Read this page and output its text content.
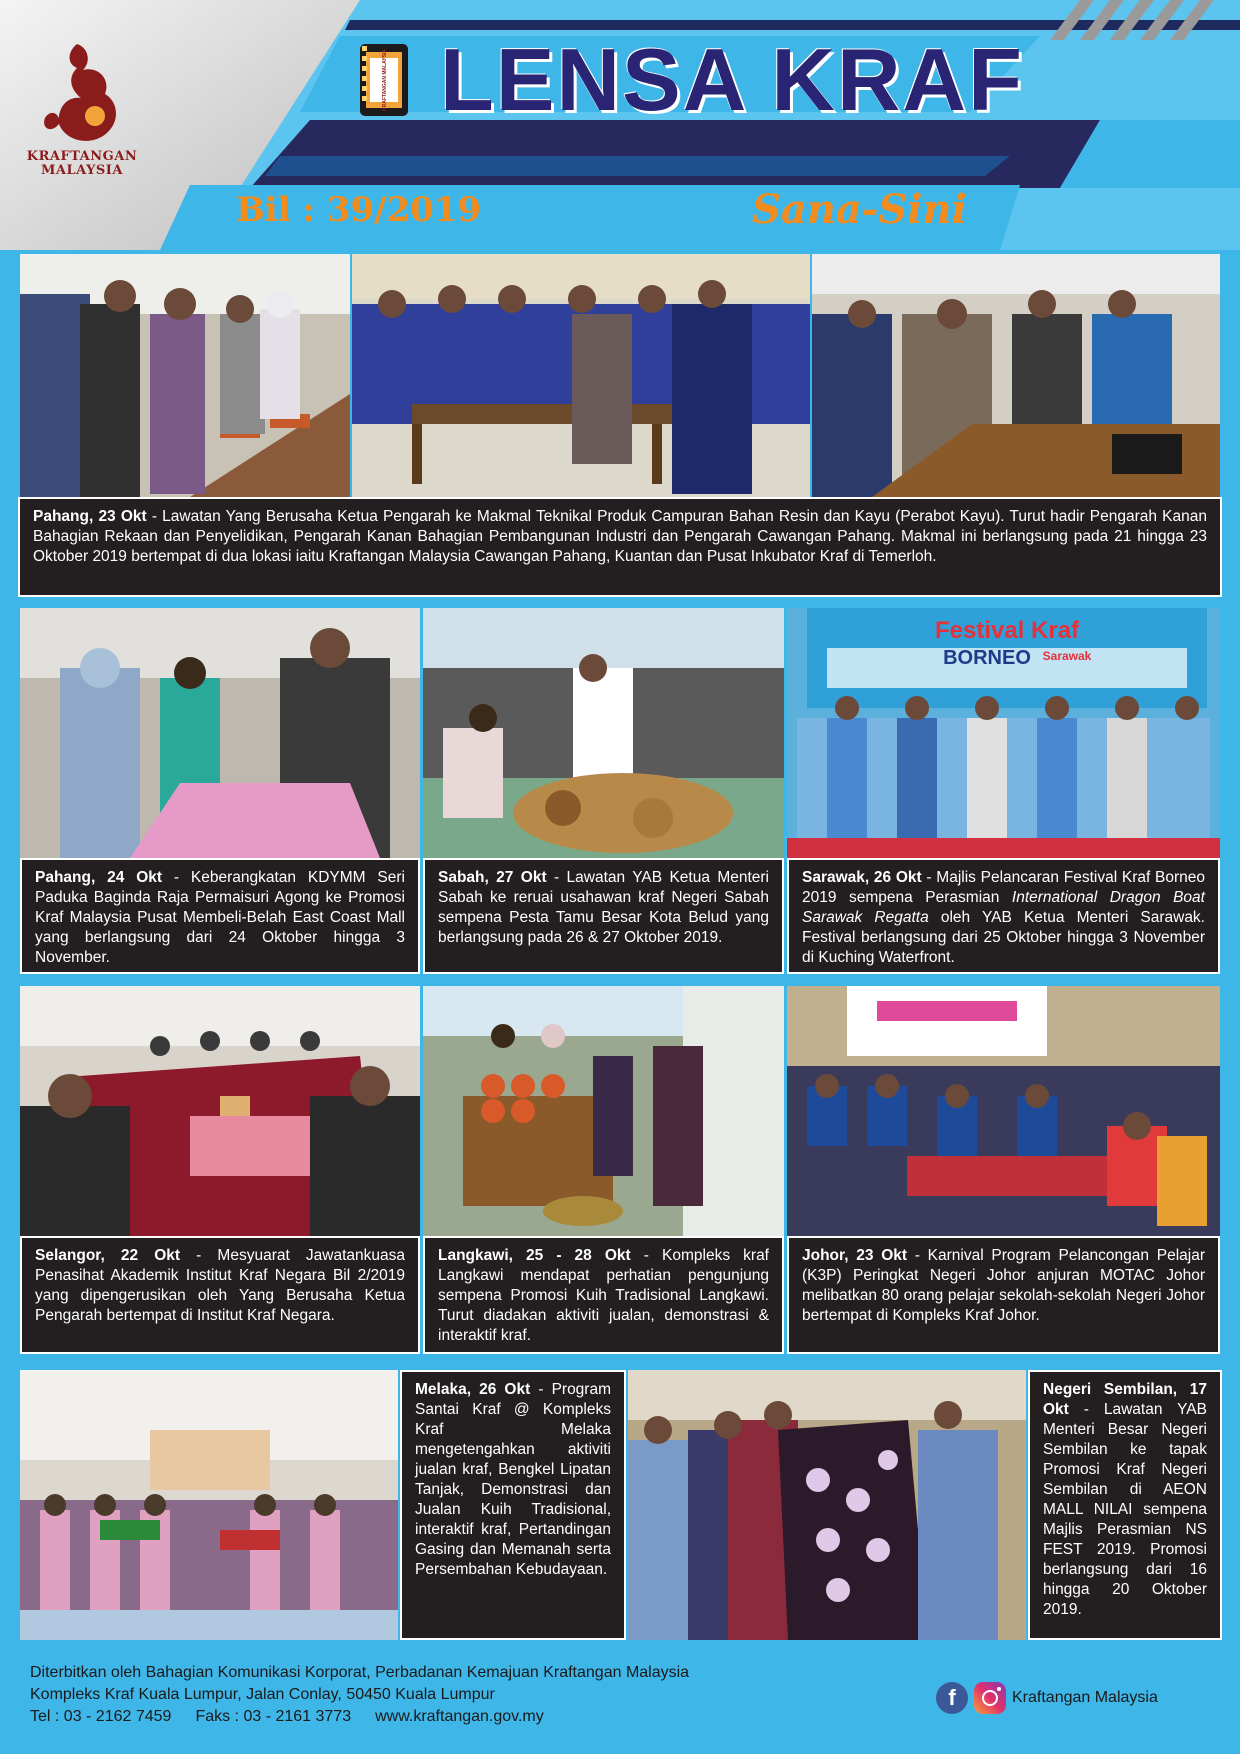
KRAFTANGAN
MALAYSIA
KRAFTANGAN MALAYSIA LENSA KRAF
Bil : 39/2019	Sana-Sini
Pahang, 23 Okt - Lawatan Yang Berusaha Ketua Pengarah ke Makmal Teknikal Produk Campuran Bahan Resin dan Kayu (Perabot Kayu). Turut hadir Pengarah Kanan Bahagian Rekaan dan Penyelidikan, Pengarah Kanan Bahagian Pembangunan Industri dan Pengarah Cawangan Pahang. Makmal ini berlangsung pada 21 hingga 23 Oktober 2019 bertempat di dua lokasi iaitu Kraftangan Malaysia Cawangan Pahang, Kuantan dan Pusat Inkubator Kraf di Temerloh.
Festival Kraf
BORNEO Sarawak
Pahang, 24 Okt - Keberangkatan KDYMM Seri Paduka Baginda Raja Permaisuri Agong ke Promosi Kraf Malaysia Pusat Membeli-Belah East Coast Mall yang berlangsung dari 24 Oktober hingga 3 November.
Sabah, 27 Okt - Lawatan YAB Ketua Menteri Sabah ke reruai usahawan kraf Negeri Sabah sempena Pesta Tamu Besar Kota Belud yang berlangsung pada 26 & 27 Oktober 2019.
Sarawak, 26 Okt - Majlis Pelancaran Festival Kraf Borneo 2019 sempena Perasmian International Dragon Boat Sarawak Regatta oleh YAB Ketua Menteri Sarawak. Festival berlangsung dari 25 Oktober hingga 3 November di Kuching Waterfront.
Selangor, 22 Okt - Mesyuarat Jawatankuasa Penasihat Akademik Institut Kraf Negara Bil 2/2019 yang dipengerusikan oleh Yang Berusaha Ketua Pengarah bertempat di Institut Kraf Negara.
Langkawi, 25 - 28 Okt - Kompleks kraf Langkawi mendapat perhatian pengunjung sempena Promosi Kuih Tradisional Langkawi. Turut diadakan aktiviti jualan, demonstrasi & interaktif kraf.
Johor, 23 Okt - Karnival Program Pelancongan Pelajar (K3P) Peringkat Negeri Johor anjuran MOTAC Johor melibatkan 80 orang pelajar sekolah-sekolah Negeri Johor bertempat di Kompleks Kraf Johor.
Melaka, 26 Okt - Program Santai Kraf @ Kompleks Kraf Melaka mengetengahkan aktiviti jualan kraf, Bengkel Lipatan Tanjak, Demonstrasi dan Jualan Kuih Tradisional, interaktif kraf, Pertandingan Gasing dan Memanah serta Persembahan Kebudayaan.
Negeri Sembilan, 17 Okt - Lawatan YAB Menteri Besar Negeri Sembilan ke tapak Promosi Kraf Negeri Sembilan di AEON MALL NILAI sempena Majlis Perasmian NS FEST 2019. Promosi berlangsung dari 16 hingga 20 Oktober 2019.
Diterbitkan oleh Bahagian Komunikasi Korporat, Perbadanan Kemajuan Kraftangan Malaysia
Kompleks Kraf Kuala Lumpur, Jalan Conlay, 50450 Kuala Lumpur
Tel : 03 - 2162 7459 Faks : 03 - 2161 3773 www.kraftangan.gov.my
f	Kraftangan Malaysia
